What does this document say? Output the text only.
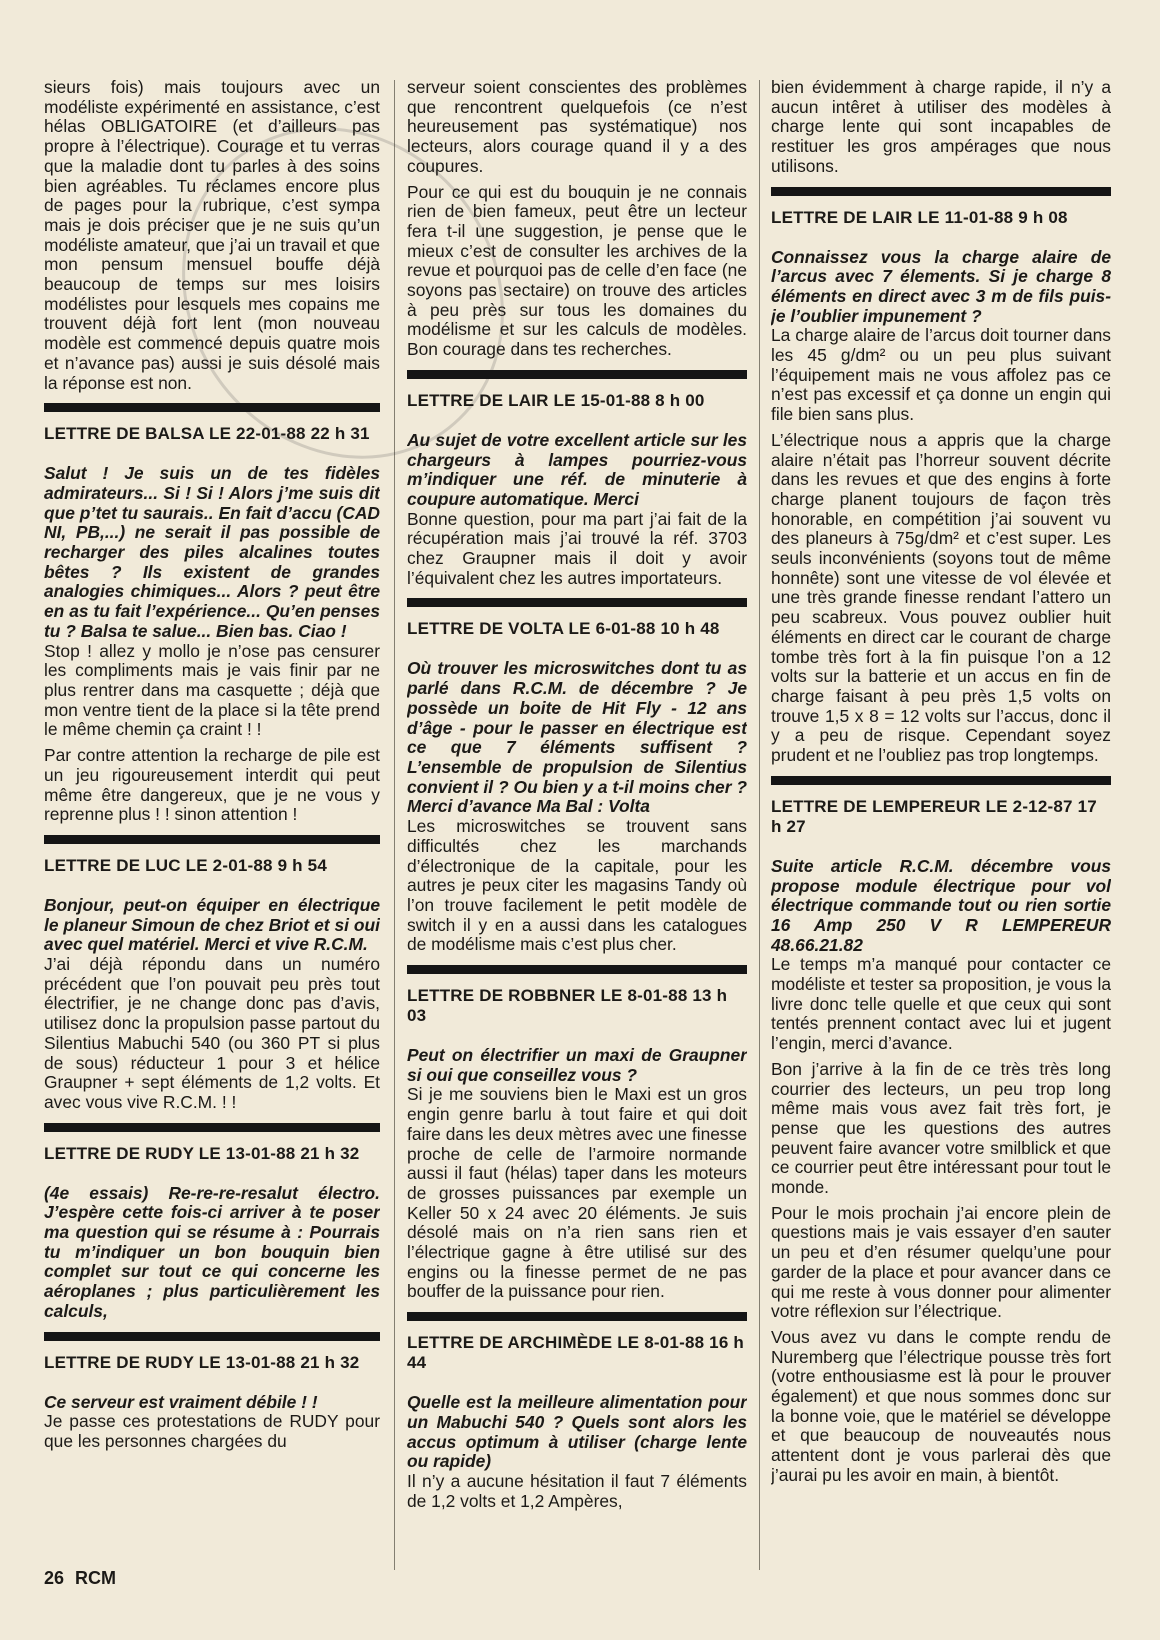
sieurs fois) mais toujours avec un modéliste expérimenté en assistance, c’est hélas OBLIGATOIRE (et d’ailleurs pas propre à l’électrique). Courage et tu verras que la maladie dont tu parles à des soins bien agréables. Tu réclames encore plus de pages pour la rubrique, c’est sympa mais je dois préciser que je ne suis qu’un modéliste amateur, que j’ai un travail et que mon pensum mensuel bouffe déjà beaucoup de temps sur mes loisirs modélistes pour lesquels mes copains me trouvent déjà fort lent (mon nouveau modèle est commencé depuis quatre mois et n’avance pas) aussi je suis désolé mais la réponse est non.

LETTRE DE BALSA LE 22-01-88 22 h 31

Salut ! Je suis un de tes fidèles admirateurs... Si ! Si ! Alors j’me suis dit que p’tet tu saurais.. En fait d’accu (CAD NI, PB,...) ne serait il pas possible de recharger des piles alcalines toutes bêtes ? Ils existent de grandes analogies chimiques... Alors ? peut être en as tu fait l’expérience... Qu’en penses tu ? Balsa te salue... Bien bas. Ciao !

Stop ! allez y mollo je n’ose pas censurer les compliments mais je vais finir par ne plus rentrer dans ma casquette ; déjà que mon ventre tient de la place si la tête prend le même chemin ça craint ! !

Par contre attention la recharge de pile est un jeu rigoureusement interdit qui peut même être dangereux, que je ne vous y reprenne plus ! ! sinon attention !

LETTRE DE LUC LE 2-01-88 9 h 54

Bonjour, peut-on équiper en électrique le planeur Simoun de chez Briot et si oui avec quel matériel. Merci et vive R.C.M.

J’ai déjà répondu dans un numéro précédent que l’on pouvait peu près tout électrifier, je ne change donc pas d’avis, utilisez donc la propulsion passe partout du Silentius Mabuchi 540 (ou 360 PT si plus de sous) réducteur 1 pour 3 et hélice Graupner + sept éléments de 1,2 volts. Et avec vous vive R.C.M. ! !

LETTRE DE RUDY LE 13-01-88 21 h 32

(4e essais) Re-re-re-resalut électro. J’espère cette fois-ci arriver à te poser ma question qui se résume à : Pourrais tu m’indiquer un bon bouquin bien complet sur tout ce qui concerne les aéroplanes ; plus particulièrement les calculs,

LETTRE DE RUDY LE 13-01-88 21 h 32

Ce serveur est vraiment débile ! !

Je passe ces protestations de RUDY pour que les personnes chargées du

serveur soient conscientes des problèmes que rencontrent quelquefois (ce n’est heureusement pas systématique) nos lecteurs, alors courage quand il y a des coupures.

Pour ce qui est du bouquin je ne connais rien de bien fameux, peut être un lecteur fera t-il une suggestion, je pense que le mieux c’est de consulter les archives de la revue et pourquoi pas de celle d’en face (ne soyons pas sectaire) on trouve des articles à peu près sur tous les domaines du modélisme et sur les calculs de modèles. Bon courage dans tes recherches.

LETTRE DE LAIR LE 15-01-88 8 h 00

Au sujet de votre excellent article sur les chargeurs à lampes pourriez-vous m’indiquer une réf. de minuterie à coupure automatique. Merci

Bonne question, pour ma part j’ai fait de la récupération mais j’ai trouvé la réf. 3703 chez Graupner mais il doit y avoir l’équivalent chez les autres importateurs.

LETTRE DE VOLTA LE 6-01-88 10 h 48

Où trouver les microswitches dont tu as parlé dans R.C.M. de décembre ? Je possède un boite de Hit Fly - 12 ans d’âge - pour le passer en électrique est ce que 7 éléments suffisent ? L’ensemble de propulsion de Silentius convient il ? Ou bien y a t-il moins cher ? Merci d’avance Ma Bal : Volta

Les microswitches se trouvent sans difficultés chez les marchands d’électronique de la capitale, pour les autres je peux citer les magasins Tandy où l’on trouve facilement le petit modèle de switch il y en a aussi dans les catalogues de modélisme mais c’est plus cher.

LETTRE DE ROBBNER LE 8-01-88 13 h 03

Peut on électrifier un maxi de Graupner si oui que conseillez vous ?

Si je me souviens bien le Maxi est un gros engin genre barlu à tout faire et qui doit faire dans les deux mètres avec une finesse proche de celle de l’armoire normande aussi il faut (hélas) taper dans les moteurs de grosses puissances par exemple un Keller 50 x 24 avec 20 éléments. Je suis désolé mais on n’a rien sans rien et l’électrique gagne à être utilisé sur des engins ou la finesse permet de ne pas bouffer de la puissance pour rien.

LETTRE DE ARCHIMÈDE LE 8-01-88 16 h 44

Quelle est la meilleure alimentation pour un Mabuchi 540 ? Quels sont alors les accus optimum à utiliser (charge lente ou rapide)

Il n’y a aucune hésitation il faut 7 éléments de 1,2 volts et 1,2 Ampères,

bien évidemment à charge rapide, il n’y a aucun intêret à utiliser des modèles à charge lente qui sont incapables de restituer les gros ampérages que nous utilisons.

LETTRE DE LAIR LE 11-01-88 9 h 08

Connaissez vous la charge alaire de l’arcus avec 7 élements. Si je charge 8 éléments en direct avec 3 m de fils puis-je l’oublier impunement ?

La charge alaire de l’arcus doit tourner dans les 45 g/dm² ou un peu plus suivant l’équipement mais ne vous affolez pas ce n’est pas excessif et ça donne un engin qui file bien sans plus.

L’électrique nous a appris que la charge alaire n’était pas l’horreur souvent décrite dans les revues et que des engins à forte charge planent toujours de façon très honorable, en compétition j’ai souvent vu des planeurs à 75g/dm² et c’est super. Les seuls inconvénients (soyons tout de même honnête) sont une vitesse de vol élevée et une très grande finesse rendant l’attero un peu scabreux. Vous pouvez oublier huit éléments en direct car le courant de charge tombe très fort à la fin puisque l’on a 12 volts sur la batterie et un accus en fin de charge faisant à peu près 1,5 volts on trouve 1,5 x 8 = 12 volts sur l’accus, donc il y a peu de risque. Cependant soyez prudent et ne l’oubliez pas trop longtemps.

LETTRE DE LEMPEREUR LE 2-12-87 17 h 27

Suite article R.C.M. décembre vous propose module électrique pour vol électrique commande tout ou rien sortie 16 Amp 250 V R LEMPEREUR 48.66.21.82

Le temps m’a manqué pour contacter ce modéliste et tester sa proposition, je vous la livre donc telle quelle et que ceux qui sont tentés prennent contact avec lui et jugent l’engin, merci d’avance.

Bon j’arrive à la fin de ce très très long courrier des lecteurs, un peu trop long même mais vous avez fait très fort, je pense que les questions des autres peuvent faire avancer votre smilblick et que ce courrier peut être intéressant pour tout le monde.

Pour le mois prochain j’ai encore plein de questions mais je vais essayer d’en sauter un peu et d’en résumer quelqu’une pour garder de la place et pour avancer dans ce qui me reste à vous donner pour alimenter votre réflexion sur l’électrique.

Vous avez vu dans le compte rendu de Nuremberg que l’électrique pousse très fort (votre enthousiasme est là pour le prouver également) et que nous sommes donc sur la bonne voie, que le matériel se développe et que beaucoup de nouveautés nous attentent dont je vous parlerai dès que j’aurai pu les avoir en main, à bientôt.

26 RCM
